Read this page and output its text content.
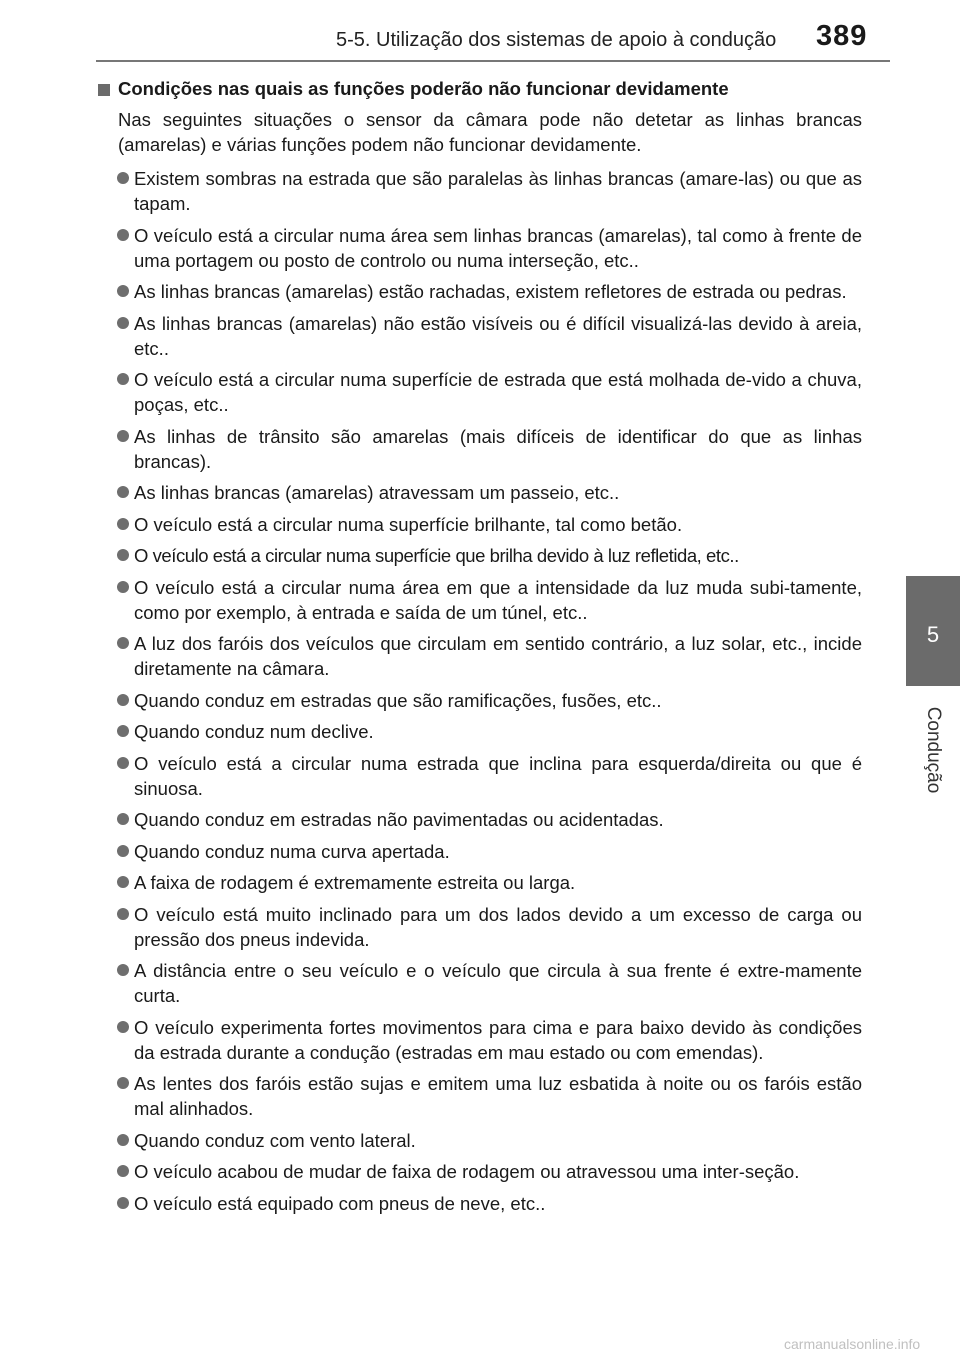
5-5. Utilização dos sistemas de apoio à condução 389
5
Condução
Condições nas quais as funções poderão não funcionar devidamente

Nas seguintes situações o sensor da câmara pode não detetar as linhas brancas (amarelas) e várias funções podem não funcionar devidamente.

Existem sombras na estrada que são paralelas às linhas brancas (amare-las) ou que as tapam.
O veículo está a circular numa área sem linhas brancas (amarelas), tal como à frente de uma portagem ou posto de controlo ou numa interseção, etc..
As linhas brancas (amarelas) estão rachadas, existem refletores de estrada ou pedras.
As linhas brancas (amarelas) não estão visíveis ou é difícil visualizá-las devido à areia, etc..
O veículo está a circular numa superfície de estrada que está molhada de-vido a chuva, poças, etc..
As linhas de trânsito são amarelas (mais difíceis de identificar do que as linhas brancas).
As linhas brancas (amarelas) atravessam um passeio, etc..
O veículo está a circular numa superfície brilhante, tal como betão.
O veículo está a circular numa superfície que brilha devido à luz refletida, etc..
O veículo está a circular numa área em que a intensidade da luz muda subi-tamente, como por exemplo, à entrada e saída de um túnel, etc..
A luz dos faróis dos veículos que circulam em sentido contrário, a luz solar, etc., incide diretamente na câmara.
Quando conduz em estradas que são ramificações, fusões, etc..
Quando conduz num declive.
O veículo está a circular numa estrada que inclina para esquerda/direita ou que é sinuosa.
Quando conduz em estradas não pavimentadas ou acidentadas.
Quando conduz numa curva apertada.
A faixa de rodagem é extremamente estreita ou larga.
O veículo está muito inclinado para um dos lados devido a um excesso de carga ou pressão dos pneus indevida.
A distância entre o seu veículo e o veículo que circula à sua frente é extre-mamente curta.
O veículo experimenta fortes movimentos para cima e para baixo devido às condições da estrada durante a condução (estradas em mau estado ou com emendas).
As lentes dos faróis estão sujas e emitem uma luz esbatida à noite ou os faróis estão mal alinhados.
Quando conduz com vento lateral.
O veículo acabou de mudar de faixa de rodagem ou atravessou uma inter-seção.
O veículo está equipado com pneus de neve, etc..
carmanualsonline.info
